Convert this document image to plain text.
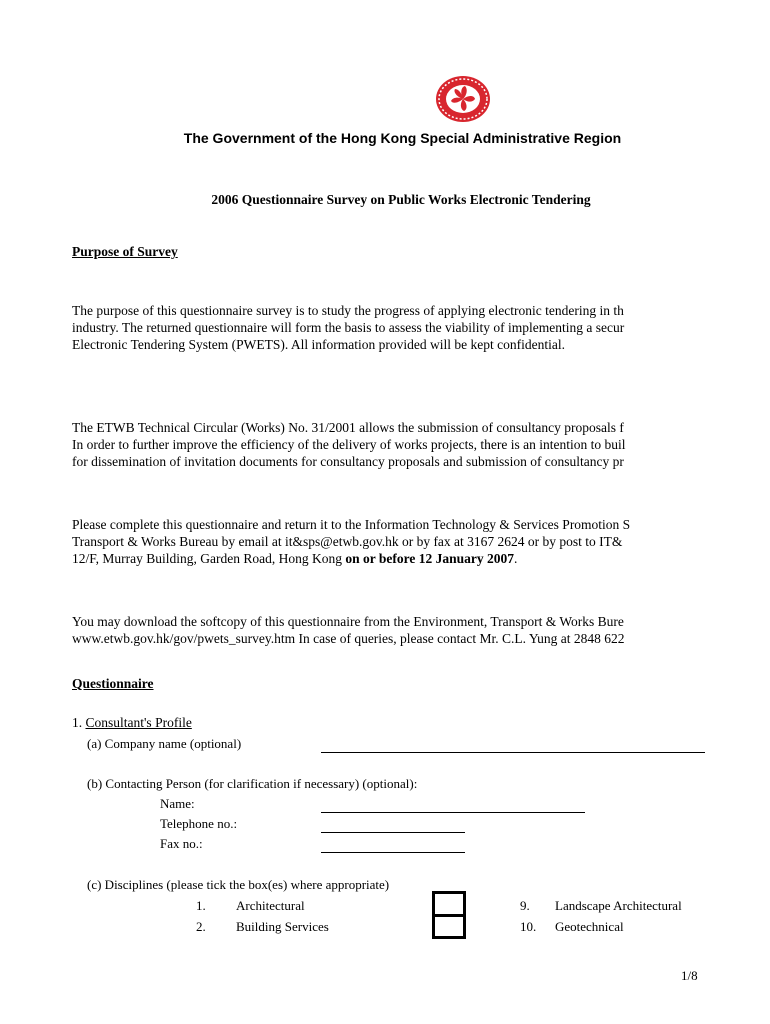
The Government of the Hong Kong Special Administrative Region
2006 Questionnaire Survey on Public Works Electronic Tendering
Purpose of Survey
The purpose of this questionnaire survey is to study the progress of applying electronic tendering in th
industry. The returned questionnaire will form the basis to assess the viability of implementing a secur
Electronic Tendering System (PWETS). All information provided will be kept confidential.
The ETWB Technical Circular (Works) No. 31/2001 allows the submission of consultancy proposals f
In order to further improve the efficiency of the delivery of works projects, there is an intention to buil
for dissemination of invitation documents for consultancy proposals and submission of consultancy pr
Please complete this questionnaire and return it to the Information Technology & Services Promotion S
Transport & Works Bureau by email at it&sps@etwb.gov.hk or by fax at 3167 2624 or by post to IT&
12/F, Murray Building, Garden Road, Hong Kong on or before 12 January 2007.
You may download the softcopy of this questionnaire from the Environment, Transport & Works Bure
www.etwb.gov.hk/gov/pwets_survey.htm In case of queries, please contact Mr. C.L. Yung at 2848 622
Questionnaire
1. Consultant's Profile
(a) Company name (optional)
(b) Contacting Person (for clarification if necessary) (optional):
Name:
Telephone no.:
Fax no.:
(c) Disciplines (please tick the box(es) where appropriate)
1. Architectural
2. Building Services
9. Landscape Architectural
10. Geotechnical
1/8
